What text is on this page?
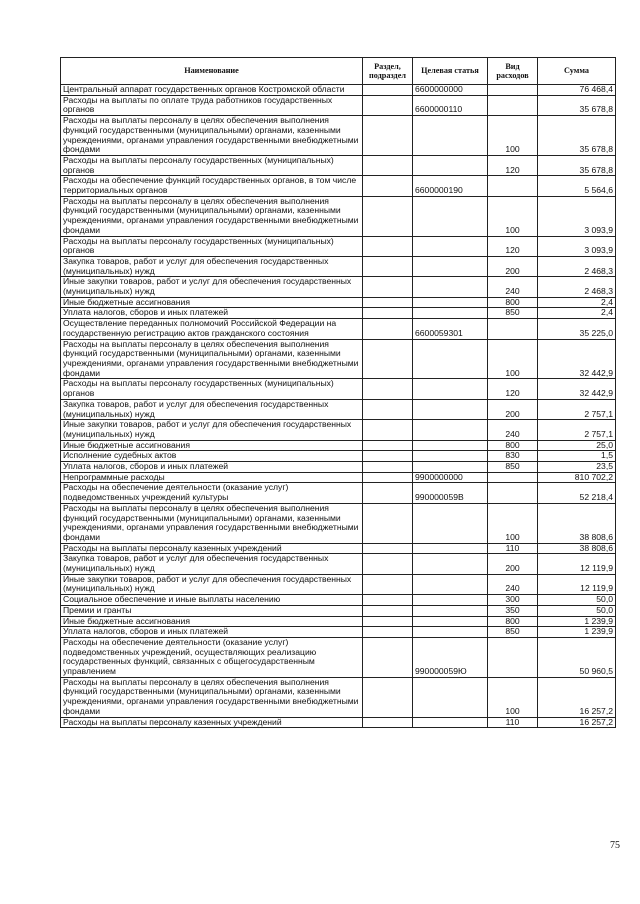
Наименование	Раздел, подраздел	Целевая статья	Вид расходов	Сумма
Центральный аппарат государственных органов Костромской области		6600000000		76 468,4
Расходы на выплаты по оплате труда работников государственных органов		6600000110		35 678,8
Расходы на выплаты персоналу в целях обеспечения выполнения функций государственными (муниципальными) органами, казенными учреждениями, органами управления государственными внебюджетными фондами			100	35 678,8
Расходы на выплаты персоналу государственных (муниципальных) органов			120	35 678,8
Расходы на обеспечение функций государственных органов, в том числе территориальных органов		6600000190		5 564,6
Расходы на выплаты персоналу в целях обеспечения выполнения функций государственными (муниципальными) органами, казенными учреждениями, органами управления государственными внебюджетными фондами			100	3 093,9
Расходы на выплаты персоналу государственных (муниципальных) органов			120	3 093,9
Закупка товаров, работ и услуг для обеспечения государственных (муниципальных) нужд			200	2 468,3
Иные закупки товаров, работ и услуг для обеспечения государственных (муниципальных) нужд			240	2 468,3
Иные бюджетные ассигнования			800	2,4
Уплата налогов, сборов и иных платежей			850	2,4
Осуществление переданных полномочий Российской Федерации на государственную регистрацию актов гражданского состояния		6600059301		35 225,0
Расходы на выплаты персоналу в целях обеспечения выполнения функций государственными (муниципальными) органами, казенными учреждениями, органами управления государственными внебюджетными фондами			100	32 442,9
Расходы на выплаты персоналу государственных (муниципальных) органов			120	32 442,9
Закупка товаров, работ и услуг для обеспечения государственных (муниципальных) нужд			200	2 757,1
Иные закупки товаров, работ и услуг для обеспечения государственных (муниципальных) нужд			240	2 757,1
Иные бюджетные ассигнования			800	25,0
Исполнение судебных актов			830	1,5
Уплата налогов, сборов и иных платежей			850	23,5
Непрограммные расходы		9900000000		810 702,2
Расходы на обеспечение деятельности (оказание услуг) подведомственных учреждений культуры		990000059В		52 218,4
Расходы на выплаты персоналу в целях обеспечения выполнения функций государственными (муниципальными) органами, казенными учреждениями, органами управления государственными внебюджетными фондами			100	38 808,6
Расходы на выплаты персоналу казенных учреждений			110	38 808,6
Закупка товаров, работ и услуг для обеспечения государственных (муниципальных) нужд			200	12 119,9
Иные закупки товаров, работ и услуг для обеспечения государственных (муниципальных) нужд			240	12 119,9
Социальное обеспечение и иные выплаты населению			300	50,0
Премии и гранты			350	50,0
Иные бюджетные ассигнования			800	1 239,9
Уплата налогов, сборов и иных платежей			850	1 239,9
Расходы на обеспечение деятельности (оказание услуг) подведомственных учреждений, осуществляющих реализацию государственных функций, связанных с общегосударственным управлением		990000059Ю		50 960,5
Расходы на выплаты персоналу в целях обеспечения выполнения функций государственными (муниципальными) органами, казенными учреждениями, органами управления государственными внебюджетными фондами			100	16 257,2
Расходы на выплаты персоналу казенных учреждений			110	16 257,2
75
